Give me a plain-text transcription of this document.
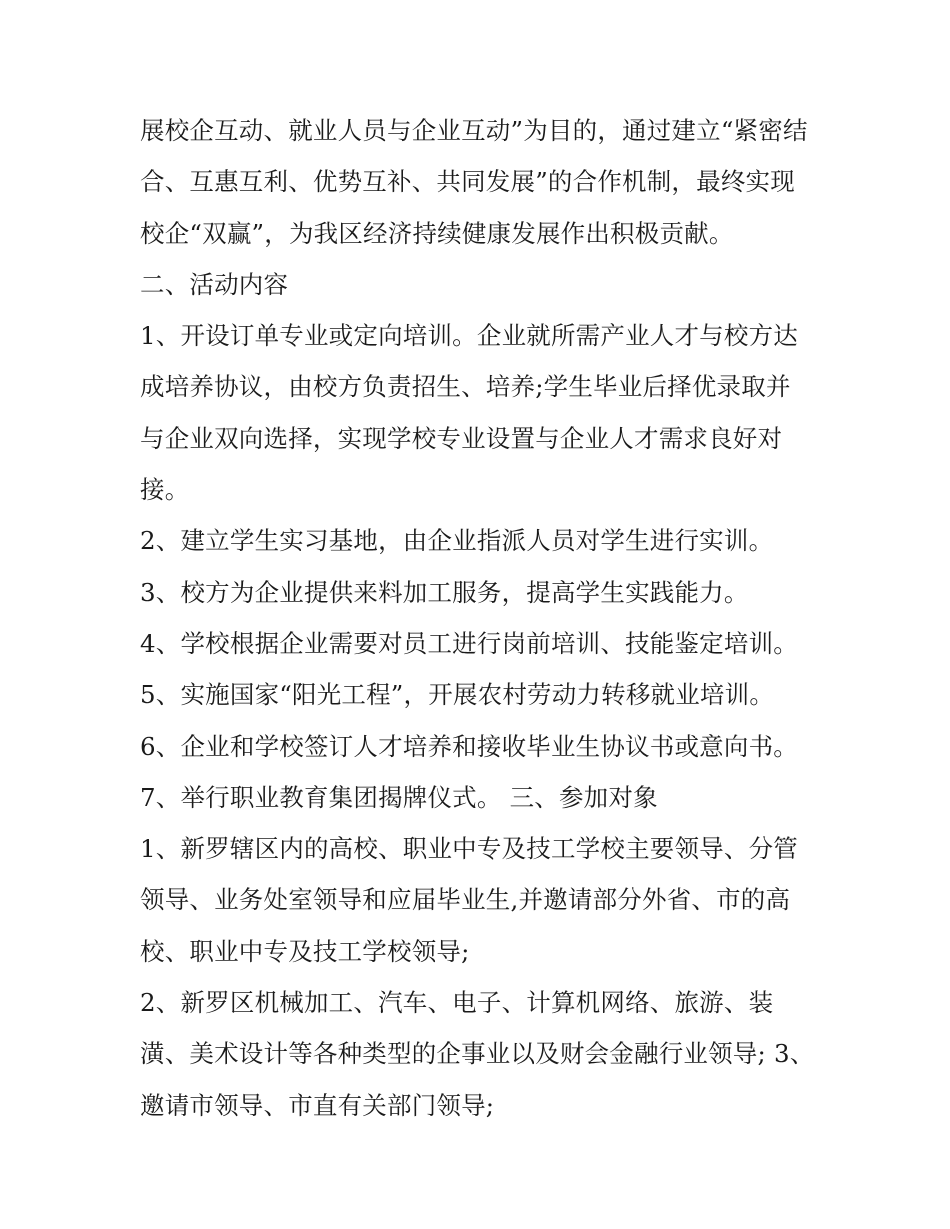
展校企互动、就业人员与企业互动”为目的，通过建立“紧密结
合、互惠互利、优势互补、共同发展”的合作机制，最终实现
校企“双赢”，为我区经济持续健康发展作出积极贡献。
二、活动内容
1、开设订单专业或定向培训。企业就所需产业人才与校方达
成培养协议，由校方负责招生、培养;学生毕业后择优录取并
与企业双向选择，实现学校专业设置与企业人才需求良好对
接。
2、建立学生实习基地，由企业指派人员对学生进行实训。
3、校方为企业提供来料加工服务，提高学生实践能力。
4、学校根据企业需要对员工进行岗前培训、技能鉴定培训。
5、实施国家“阳光工程”，开展农村劳动力转移就业培训。
6、企业和学校签订人才培养和接收毕业生协议书或意向书。
7、举行职业教育集团揭牌仪式。 三、参加对象
1、新罗辖区内的高校、职业中专及技工学校主要领导、分管
领导、业务处室领导和应届毕业生,并邀请部分外省、市的高
校、职业中专及技工学校领导;
2、新罗区机械加工、汽车、电子、计算机网络、旅游、装
潢、美术设计等各种类型的企事业以及财会金融行业领导; 3、
邀请市领导、市直有关部门领导;
